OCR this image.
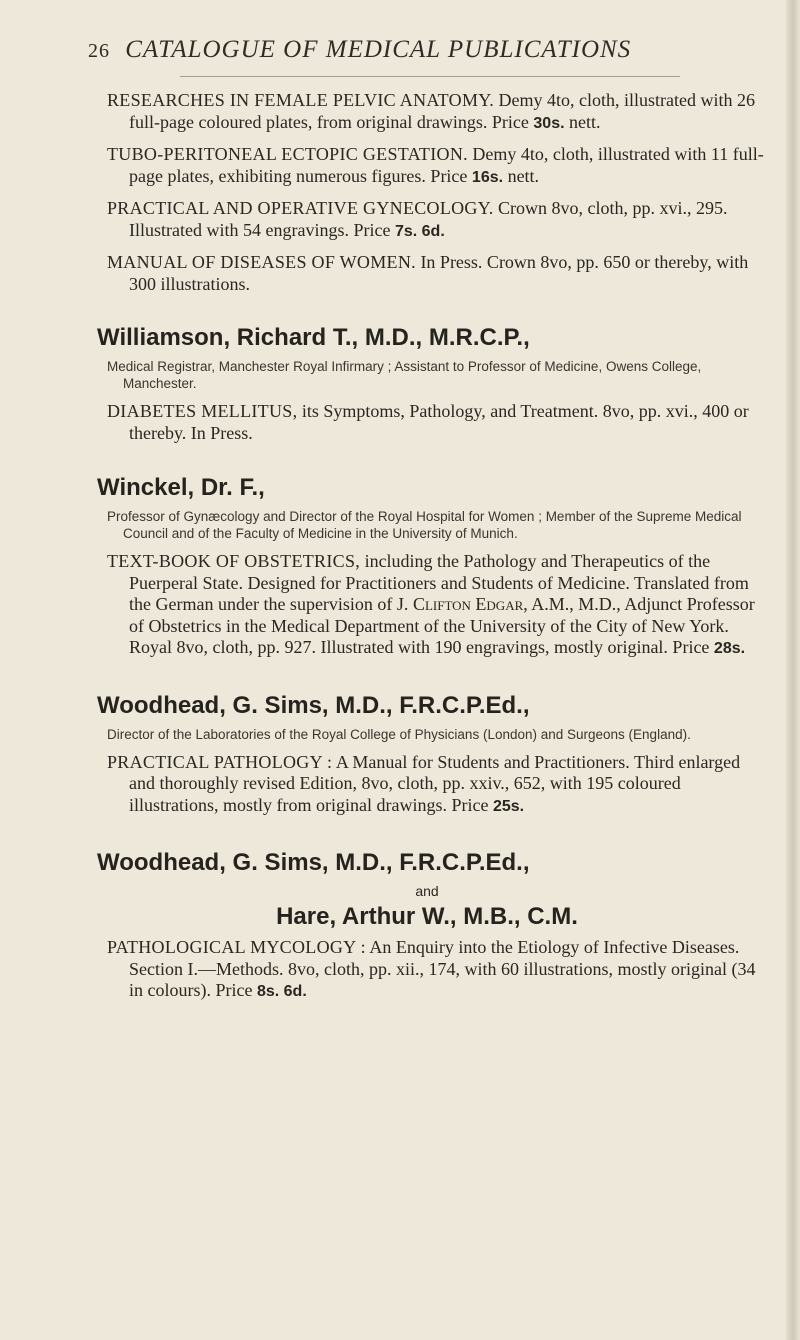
26 CATALOGUE OF MEDICAL PUBLICATIONS

RESEARCHES IN FEMALE PELVIC ANATOMY. Demy 4to, cloth, illustrated with 26 full-page coloured plates, from original drawings. Price 30s. nett.

TUBO-PERITONEAL ECTOPIC GESTATION. Demy 4to, cloth, illustrated with 11 full-page plates, exhibiting numerous figures. Price 16s. nett.

PRACTICAL AND OPERATIVE GYNECOLOGY. Crown 8vo, cloth, pp. xvi., 295. Illustrated with 54 engravings. Price 7s. 6d.

MANUAL OF DISEASES OF WOMEN. In Press. Crown 8vo, pp. 650 or thereby, with 300 illustrations.

Williamson, Richard T., M.D., M.R.C.P.,

Medical Registrar, Manchester Royal Infirmary ; Assistant to Professor of Medicine, Owens College, Manchester.

DIABETES MELLITUS, its Symptoms, Pathology, and Treatment. 8vo, pp. xvi., 400 or thereby. In Press.

Winckel, Dr. F.,

Professor of Gynæcology and Director of the Royal Hospital for Women ; Member of the Supreme Medical Council and of the Faculty of Medicine in the University of Munich.

TEXT-BOOK OF OBSTETRICS, including the Pathology and Therapeutics of the Puerperal State. Designed for Practitioners and Students of Medicine. Translated from the German under the supervision of J. Clifton Edgar, A.M., M.D., Adjunct Professor of Obstetrics in the Medical Department of the University of the City of New York. Royal 8vo, cloth, pp. 927. Illustrated with 190 engravings, mostly original. Price 28s.

Woodhead, G. Sims, M.D., F.R.C.P.Ed.,

Director of the Laboratories of the Royal College of Physicians (London) and Surgeons (England).

PRACTICAL PATHOLOGY : A Manual for Students and Practitioners. Third enlarged and thoroughly revised Edition, 8vo, cloth, pp. xxiv., 652, with 195 coloured illustrations, mostly from original drawings. Price 25s.

Woodhead, G. Sims, M.D., F.R.C.P.Ed.,
and
Hare, Arthur W., M.B., C.M.

PATHOLOGICAL MYCOLOGY : An Enquiry into the Etiology of Infective Diseases. Section I.—Methods. 8vo, cloth, pp. xii., 174, with 60 illustrations, mostly original (34 in colours). Price 8s. 6d.
